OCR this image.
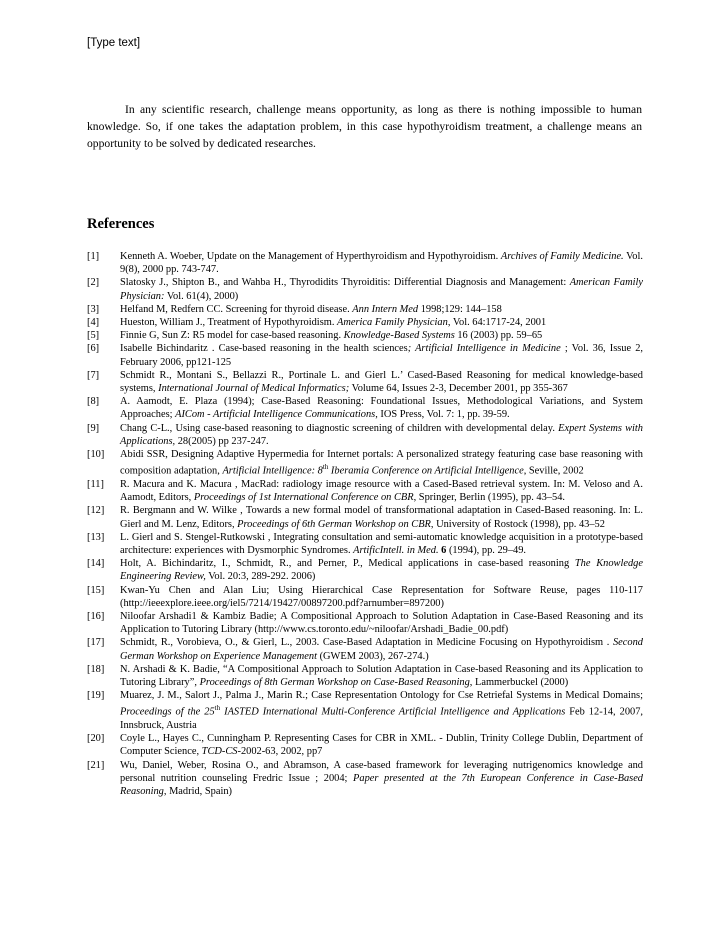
[Type text]

In any scientific research, challenge means opportunity, as long as there is nothing impossible to human knowledge. So, if one takes the adaptation problem, in this case hypothyroidism treatment, a challenge means an opportunity to be solved by dedicated researches.

References
[1]	Kenneth A. Woeber, Update on the Management of Hyperthyroidism and Hypothyroidism. Archives of Family Medicine. Vol. 9(8), 2000 pp. 743-747.
[2]	Slatosky J., Shipton B., and Wahba H., Thyrodidits Thyroiditis: Differential Diagnosis and Management: American Family Physician: Vol. 61(4), 2000)
[3]	Helfand M, Redfern CC. Screening for thyroid disease. Ann Intern Med 1998;129: 144–158
[4]	Hueston, William J., Treatment of Hypothyroidism. America Family Physician, Vol. 64:1717-24, 2001
[5]	Finnie G, Sun Z: R5 model for case-based reasoning. Knowledge-Based Systems 16 (2003) pp. 59–65
[6]	Isabelle Bichindaritz . Case-based reasoning in the health sciences; Artificial Intelligence in Medicine ; Vol. 36, Issue 2, February 2006, pp121-125
[7]	Schmidt R., Montani S., Bellazzi R., Portinale L. and Gierl L.’ Cased-Based Reasoning for medical knowledge-based systems, International Journal of Medical Informatics; Volume 64, Issues 2-3, December 2001, pp 355-367
[8]	A. Aamodt, E. Plaza (1994); Case-Based Reasoning: Foundational Issues, Methodological Variations, and System Approaches; AICom - Artificial Intelligence Communications, IOS Press, Vol. 7: 1, pp. 39-59.
[9]	Chang C-L., Using case-based reasoning to diagnostic screening of children with developmental delay. Expert Systems with Applications, 28(2005) pp 237-247.
[10]	Abidi SSR, Designing Adaptive Hypermedia for Internet portals: A personalized strategy featuring case base reasoning with composition adaptation, Artificial Intelligence: 8th Iberamia Conference on Artificial Intelligence, Seville, 2002
[11]	R. Macura and K. Macura , MacRad: radiology image resource with a Cased-Based retrieval system. In: M. Veloso and A. Aamodt, Editors, Proceedings of 1st International Conference on CBR, Springer, Berlin (1995), pp. 43–54.
[12]	R. Bergmann and W. Wilke , Towards a new formal model of transformational adaptation in Cased-Based reasoning. In: L. Gierl and M. Lenz, Editors, Proceedings of 6th German Workshop on CBR, University of Rostock (1998), pp. 43–52
[13]	L. Gierl and S. Stengel-Rutkowski , Integrating consultation and semi-automatic knowledge acquisition in a prototype-based architecture: experiences with Dysmorphic Syndromes. ArtificIntell. in Med. 6 (1994), pp. 29–49.
[14]	Holt, A. Bichindaritz, I., Schmidt, R., and Perner, P., Medical applications in case-based reasoning The Knowledge Engineering Review, Vol. 20:3, 289-292. 2006)
[15]	Kwan-Yu Chen and Alan Liu; Using Hierarchical Case Representation for Software Reuse, pages 110-117 (http://ieeexplore.ieee.org/iel5/7214/19427/00897200.pdf?arnumber=897200)
[16]	Niloofar Arshadi1 & Kambiz Badie; A Compositional Approach to Solution Adaptation in Case-Based Reasoning and its Application to Tutoring Library (http://www.cs.toronto.edu/~niloofar/Arshadi_Badie_00.pdf)
[17]	Schmidt, R., Vorobieva, O., & Gierl, L., 2003. Case-Based Adaptation in Medicine Focusing on Hypothyroidism . Second German Workshop on Experience Management (GWEM 2003), 267-274.)
[18]	N. Arshadi & K. Badie, “A Compositional Approach to Solution Adaptation in Case-based Reasoning and its Application to Tutoring Library”, Proceedings of 8th German Workshop on Case-Based Reasoning, Lammerbuckel (2000)
[19]	Muarez, J. M., Salort J., Palma J., Marin R.; Case Representation Ontology for Cse Retriefal Systems in Medical Domains; Proceedings of the 25th IASTED International Multi-Conference Artificial Intelligence and Applications Feb 12-14, 2007, Innsbruck, Austria
[20]	Coyle L., Hayes C., Cunningham P. Representing Cases for CBR in XML. - Dublin, Trinity College Dublin, Department of Computer Science, TCD-CS-2002-63, 2002, pp7
[21]	Wu, Daniel, Weber, Rosina O., and Abramson, A case-based framework for leveraging nutrigenomics knowledge and personal nutrition counseling Fredric Issue ; 2004; Paper presented at the 7th European Conference in Case-Based Reasoning, Madrid, Spain)
